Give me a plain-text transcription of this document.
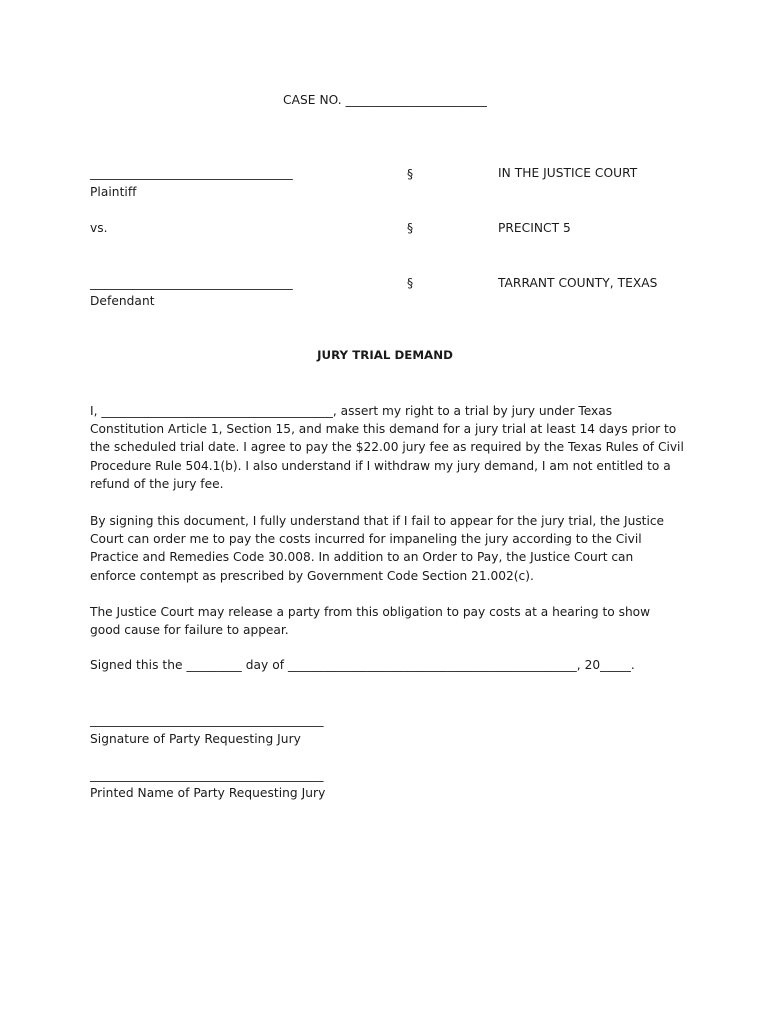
CASE NO. _______________________
_________________________________
Plaintiff
vs.
_________________________________
Defendant
§
§
§
IN THE JUSTICE COURT
PRECINCT 5
TARRANT COUNTY, TEXAS
JURY TRIAL DEMAND
I, ______________________________________, assert my right to a trial by jury under Texas
Constitution Article 1, Section 15, and make this demand for a jury trial at least 14 days prior to
the scheduled trial date. I agree to pay the $22.00 jury fee as required by the Texas Rules of Civil
Procedure Rule 504.1(b). I also understand if I withdraw my jury demand, I am not entitled to a
refund of the jury fee.
By signing this document, I fully understand that if I fail to appear for the jury trial, the Justice
Court can order me to pay the costs incurred for impaneling the jury according to the Civil
Practice and Remedies Code 30.008. In addition to an Order to Pay, the Justice Court can
enforce contempt as prescribed by Government Code Section 21.002(c).
The Justice Court may release a party from this obligation to pay costs at a hearing to show
good cause for failure to appear.
Signed this the _________ day of _______________________________________________, 20_____.
______________________________________
Signature of Party Requesting Jury
______________________________________
Printed Name of Party Requesting Jury
